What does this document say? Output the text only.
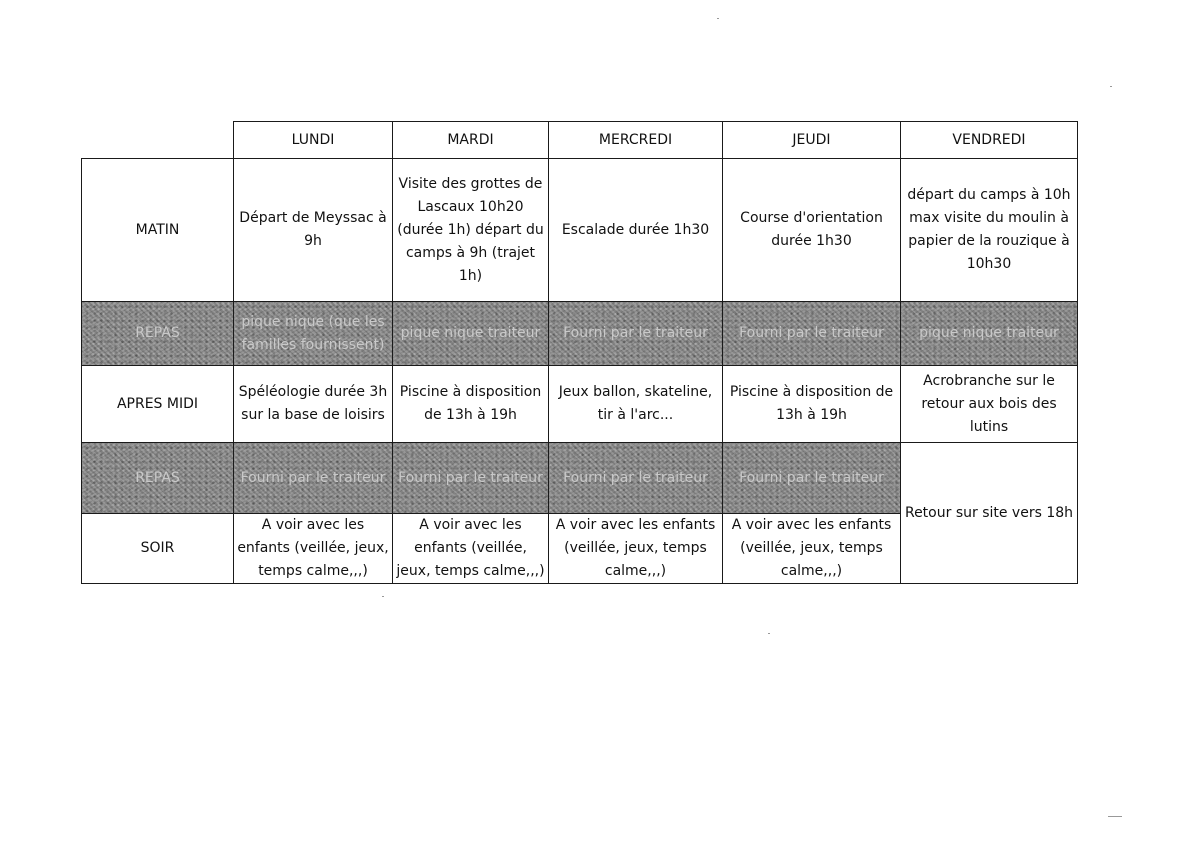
	LUNDI	MARDI	MERCREDI	JEUDI	VENDREDI
MATIN	Départ de Meyssac à 9h	Visite des grottes de Lascaux 10h20 (durée 1h) départ du camps à 9h (trajet 1h)	Escalade durée 1h30	Course d'orientation durée 1h30	départ du camps à 10h max visite du moulin à papier de la rouzique à 10h30
REPAS	pique nique (que les familles fournissent)	pique nique traiteur	Fourni par le traiteur	Fourni par le traiteur	pique nique traiteur
APRES MIDI	Spéléologie durée 3h sur la base de loisirs	Piscine à disposition de 13h à 19h	Jeux ballon, skateline, tir à l'arc...	Piscine à disposition de 13h à 19h	Acrobranche sur le retour aux bois des lutins
REPAS	Fourni par le traiteur	Fourni par le traiteur	Fourni par le traiteur	Fourni par le traiteur	Retour sur site vers 18h
SOIR	A voir avec les enfants (veillée, jeux, temps calme,,,)	A voir avec les enfants (veillée, jeux, temps calme,,,)	A voir avec les enfants (veillée, jeux, temps calme,,,)	A voir avec les enfants (veillée, jeux, temps calme,,,)	
